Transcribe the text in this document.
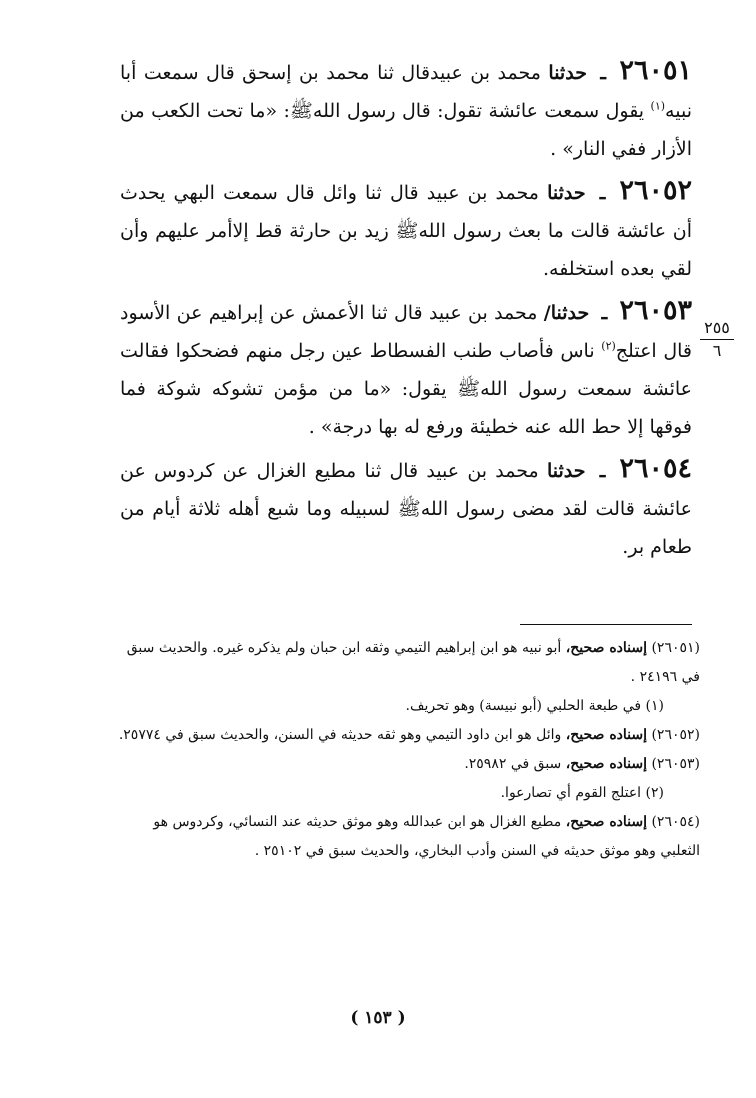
٢٦٠٥١ ـ حدثنا محمد بن عبيدقال ثنا محمد بن إسحق قال سمعت أبا نبيه$^{(١)}$ يقول سمعت عائشة تقول: قال رسول اللهﷺ: «ما تحت الكعب من الأزار ففي النار» .

٢٦٠٥٢ ـ حدثنا محمد بن عبيد قال ثنا وائل قال سمعت البهي يحدث أن عائشة قالت ما بعث رسول اللهﷺ زيد بن حارثة قط إلاأمر عليهم وأن لقي بعده استخلفه.

٢٦٠٥٣ ـ حدثنا/ محمد بن عبيد قال ثنا الأعمش عن إبراهيم عن الأسود قال اعتلج$^{(٢)}$ ناس فأصاب طنب الفسطاط عين رجل منهم فضحكوا فقالت عائشة سمعت رسول اللهﷺ يقول: «ما من مؤمن تشوكه شوكة فما فوقها إلا حط الله عنه خطيئة ورفع له بها درجة» .

٢٦٠٥٤ ـ حدثنا محمد بن عبيد قال ثنا مطيع الغزال عن كردوس عن عائشة قالت لقد مضى رسول اللهﷺ لسبيله وما شبع أهله ثلاثة أيام من طعام بر.

٢٥٥
٦

(٢٦٠٥١) إسناده صحيح، أبو نبيه هو ابن إبراهيم التيمي وثقه ابن حبان ولم يذكره غيره. والحديث سبق في ٢٤١٩٦ .

(١) في طبعة الحلبي (أبو نبيسة) وهو تحريف.

(٢٦٠٥٢) إسناده صحيح، وائل هو ابن داود التيمي وهو ثقه حديثه في السنن، والحديث سبق في ٢٥٧٧٤.

(٢٦٠٥٣) إسناده صحيح، سبق في ٢٥٩٨٢.

(٢) اعتلج القوم أي تصارعوا.

(٢٦٠٥٤) إسناده صحيح، مطيع الغزال هو ابن عبدالله وهو موثق حديثه عند النسائي، وكردوس هو الثعلبي وهو موثق حديثه في السنن وأدب البخاري، والحديث سبق في ٢٥١٠٢ .

( ١٥٣ )
